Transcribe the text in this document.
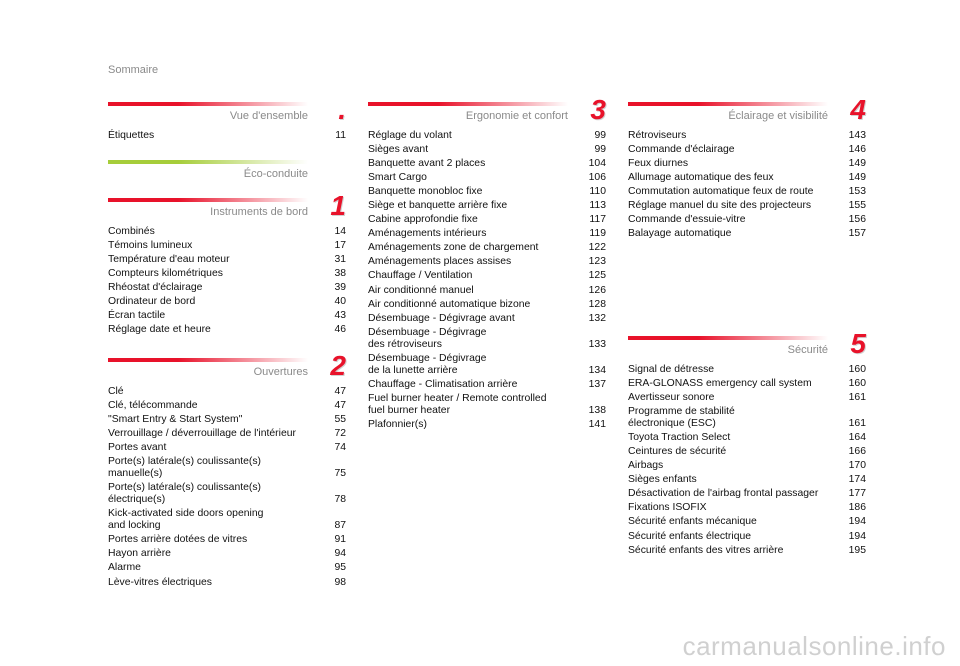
Sommaire
Vue d'ensemble .
Étiquettes	11
Éco-conduite
Instruments de bord 1
Combinés	14
Témoins lumineux	17
Température d'eau moteur	31
Compteurs kilométriques	38
Rhéostat d'éclairage	39
Ordinateur de bord	40
Écran tactile	43
Réglage date et heure	46
Ouvertures 2
Clé	47
Clé, télécommande	47
"Smart Entry & Start System"	55
Verrouillage / déverrouillage de l'intérieur	72
Portes avant	74
Porte(s) latérale(s) coulissante(s)
manuelle(s)	75
Porte(s) latérale(s) coulissante(s)
électrique(s)	78
Kick-activated side doors opening
and locking	87
Portes arrière dotées de vitres	91
Hayon arrière	94
Alarme	95
Lève-vitres électriques	98
Ergonomie et confort 3
Réglage du volant	99
Sièges avant	99
Banquette avant 2 places	104
Smart Cargo	106
Banquette monobloc fixe	110
Siège et banquette arrière fixe	113
Cabine approfondie fixe	117
Aménagements intérieurs	119
Aménagements zone de chargement	122
Aménagements places assises	123
Chauffage / Ventilation	125
Air conditionné manuel	126
Air conditionné automatique bizone	128
Désembuage - Dégivrage avant	132
Désembuage - Dégivrage
des rétroviseurs	133
Désembuage - Dégivrage
de la lunette arrière	134
Chauffage - Climatisation arrière	137
Fuel burner heater / Remote controlled
fuel burner heater	138
Plafonnier(s)	141
Éclairage et visibilité 4
Rétroviseurs	143
Commande d'éclairage	146
Feux diurnes	149
Allumage automatique des feux	149
Commutation automatique feux de route	153
Réglage manuel du site des projecteurs	155
Commande d'essuie-vitre	156
Balayage automatique	157
Sécurité 5
Signal de détresse	160
ERA-GLONASS emergency call system	160
Avertisseur sonore	161
Programme de stabilité
électronique (ESC)	161
Toyota Traction Select	164
Ceintures de sécurité	166
Airbags	170
Sièges enfants	174
Désactivation de l'airbag frontal passager	177
Fixations ISOFIX	186
Sécurité enfants mécanique	194
Sécurité enfants électrique	194
Sécurité enfants des vitres arrière	195
carmanualsonline.info
